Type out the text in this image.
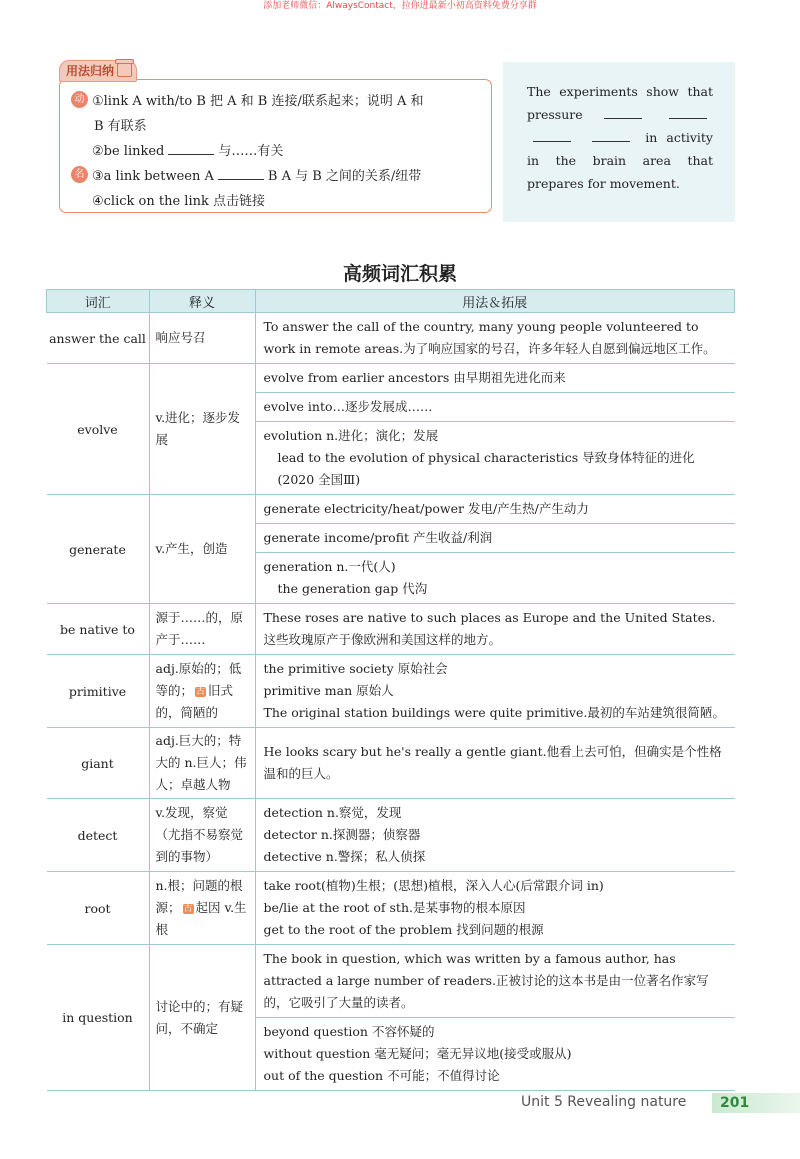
添加老师微信：AlwaysContact，拉你进最新小初高资料免费分享群
用法归纳
动 ①link A with/to B 把 A 和 B 连接/联系起来；说明 A 和
B 有联系
②be linked	与……有关
名 ③a link between A	B A 与 B 之间的关系/纽带
④click on the link 点击链接
The experiments show that pressure     in activity in the brain area that prepares for movement.
高频词汇积累
词汇	释义	用法＆拓展
answer the call	响应号召	To answer the call of the country, many young people volunteered to work in remote areas.为了响应国家的号召，许多年轻人自愿到偏远地区工作。

evolve	v.进化；逐步发展	evolve from earlier ancestors 由早期祖先进化而来
evolve into…逐步发展成……
evolution n.进化；演化；发展
lead to the evolution of physical characteristics 导致身体特征的进化(2020 全国Ⅲ)

generate	v.产生，创造	generate electricity/heat/power 发电/产生热/产生动力
generate income/profit 产生收益/利润
generation n.一代(人)
the generation gap 代沟

be native to	源于……的，原产于……	These roses are native to such places as Europe and the United States.这些玫瑰原产于像欧洲和美国这样的地方。

primitive	adj.原始的；低等的； 古 旧式的，简陋的	the primitive society 原始社会
primitive man 原始人
The original station buildings were quite primitive.最初的车站建筑很简陋。

giant	adj.巨大的；特大的 n.巨人；伟人；卓越人物	He looks scary but he's really a gentle giant.他看上去可怕，但确实是个性格温和的巨人。

detect	v.发现，察觉（尤指不易察觉到的事物）	detection n.察觉，发现
detector n.探测器；侦察器
detective n.警探；私人侦探

root	n.根；问题的根源； 古 起因 v.生根	take root(植物)生根；(思想)植根，深入人心(后常跟介词 in)
be/lie at the root of sth.是某事物的根本原因
get to the root of the problem 找到问题的根源

in question	讨论中的；有疑问，不确定	The book in question, which was written by a famous author, has attracted a large number of readers.正被讨论的这本书是由一位著名作家写的，它吸引了大量的读者。
beyond question 不容怀疑的
without question 毫无疑问；毫无异议地(接受或服从)
out of the question 不可能；不值得讨论
Unit 5 Revealing nature	201
